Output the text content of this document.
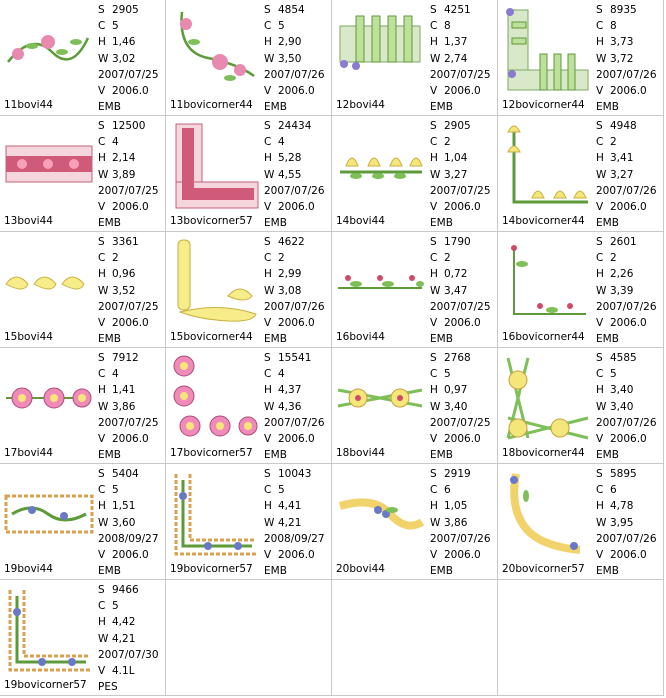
11bovi44
S 2905
C 5
H 1,46
W 3,02
2007/07/25
V 2006.0
EMB	11bovicorner44
S 4854
C 5
H 2,90
W 3,50
2007/07/26
V 2006.0
EMB	12bovi44
S 4251
C 8
H 1,37
W 2,74
2007/07/25
V 2006.0
EMB	12bovicorner44
S 8935
C 8
H 3,73
W 3,72
2007/07/26
V 2006.0
EMB
13bovi44
S 12500
C 4
H 2,14
W 3,89
2007/07/25
V 2006.0
EMB	13bovicorner57
S 24434
C 4
H 5,28
W 4,55
2007/07/26
V 2006.0
EMB	14bovi44
S 2905
C 2
H 1,04
W 3,27
2007/07/25
V 2006.0
EMB	14bovicorner44
S 4948
C 2
H 3,41
W 3,27
2007/07/26
V 2006.0
EMB
15bovi44
S 3361
C 2
H 0,96
W 3,52
2007/07/25
V 2006.0
EMB	15bovicorner44
S 4622
C 2
H 2,99
W 3,08
2007/07/26
V 2006.0
EMB	16bovi44
S 1790
C 2
H 0,72
W 3,47
2007/07/25
V 2006.0
EMB	16bovicorner44
S 2601
C 2
H 2,26
W 3,39
2007/07/26
V 2006.0
EMB
17bovi44
S 7912
C 4
H 1,41
W 3,86
2007/07/25
V 2006.0
EMB	17bovicorner57
S 15541
C 4
H 4,37
W 4,36
2007/07/26
V 2006.0
EMB	18bovi44
S 2768
C 5
H 0,97
W 3,40
2007/07/25
V 2006.0
EMB	18bovicorner44
S 4585
C 5
H 3,40
W 3,40
2007/07/26
V 2006.0
EMB
19bovi44
S 5404
C 5
H 1,51
W 3,60
2008/09/27
V 2006.0
EMB	19bovicorner57
S 10043
C 5
H 4,41
W 4,21
2008/09/27
V 2006.0
EMB	20bovi44
S 2919
C 6
H 1,05
W 3,86
2007/07/26
V 2006.0
EMB	20bovicorner57
S 5895
C 6
H 4,78
W 3,95
2007/07/26
V 2006.0
EMB
19bovicorner57
S 9466
C 5
H 4,42
W 4,21
2007/07/30
V 4.1L
PES
